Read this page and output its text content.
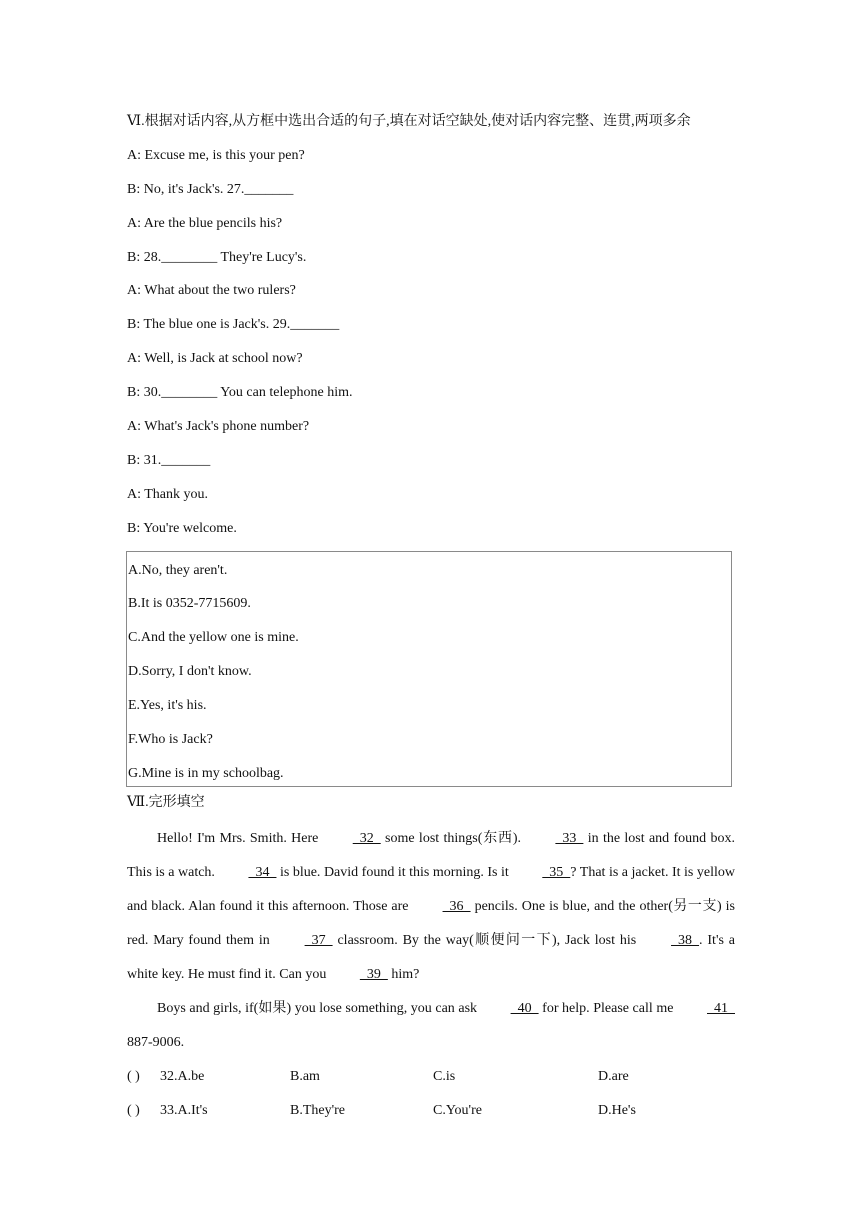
Ⅵ.根据对话内容,从方框中选出合适的句子,填在对话空缺处,使对话内容完整、连贯,两项多余
A: Excuse me, is this your pen?
B: No, it's Jack's. 27._______
A: Are the blue pencils his?
B: 28.________ They're Lucy's.
A: What about the two rulers?
B: The blue one is Jack's. 29._______
A: Well, is Jack at school now?
B: 30.________ You can telephone him.
A: What's Jack's phone number?
B: 31._______
A: Thank you.
B: You're welcome.
A.No, they aren't.
B.It is 0352-7715609.
C.And the yellow one is mine.
D.Sorry, I don't know.
E.Yes, it's his.
F.Who is Jack?
G.Mine is in my schoolbag.
Ⅶ.完形填空

Hello! I'm Mrs. Smith. Here   32   some lost things(东西).   33   in the lost and found box. This is a watch.   34   is blue. David found it this morning. Is it   35  ? That is a jacket. It is yellow and black. Alan found it this afternoon. Those are   36   pencils. One is blue, and the other(另一支) is red. Mary found them in   37   classroom. By the way(顺便问一下), Jack lost his   38  . It's a white key. He must find it. Can you   39   him?

Boys and girls, if(如果) you lose something, you can ask   40   for help. Please call me   41   887-9006.

( ) 32.A.be	B.am	C.is	D.are
( ) 33.A.It's	B.They're	C.You're	D.He's
